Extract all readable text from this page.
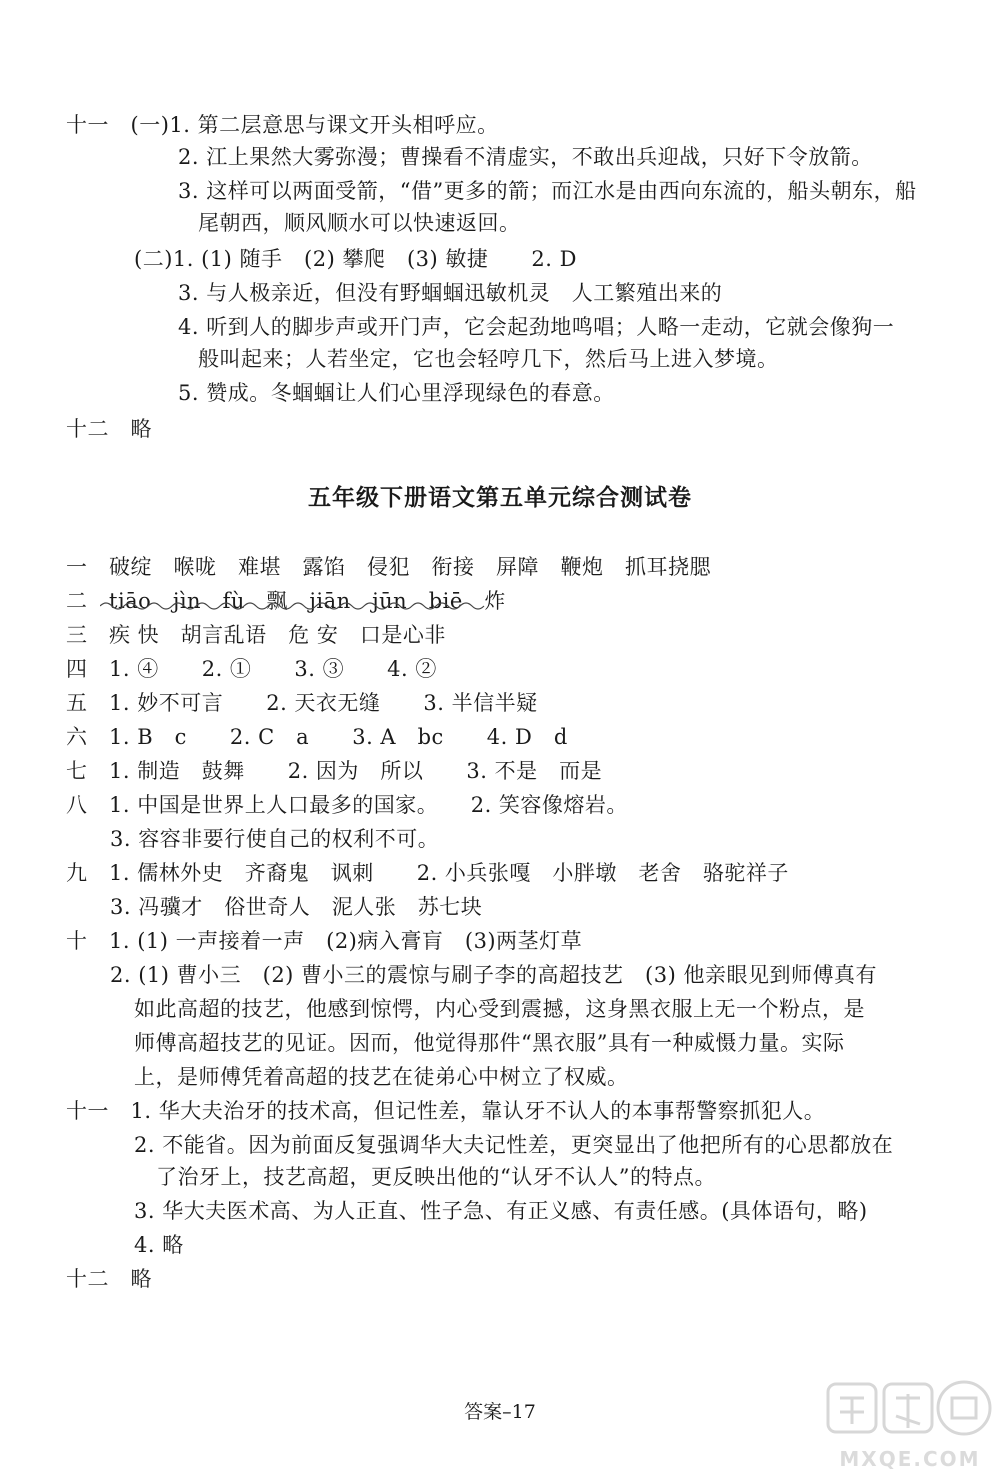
十一　(一)1. 第二层意思与课文开头相呼应。
2. 江上果然大雾弥漫；曹操看不清虚实，不敢出兵迎战，只好下令放箭。
3. 这样可以两面受箭，“借”更多的箭；而江水是由西向东流的，船头朝东，船
尾朝西，顺风顺水可以快速返回。
(二)1. (1) 随手　(2) 攀爬　(3) 敏捷　　2. D
3. 与人极亲近，但没有野蝈蝈迅敏机灵　人工繁殖出来的
4. 听到人的脚步声或开门声，它会起劲地鸣唱；人略一走动，它就会像狗一
般叫起来；人若坐定，它也会轻哼几下，然后马上进入梦境。
5. 赞成。冬蝈蝈让人们心里浮现绿色的春意。
十二　略
五年级下册语文第五单元综合测试卷
一　破绽　喉咙　难堪　露馅　侵犯　衔接　屏障　鞭炮　抓耳挠腮
二　tiāo　jìn　fù　飘　jiān　jūn　biē　炸
三　疾 快　胡言乱语　危 安　口是心非
四　1. ④　　2. ①　　3. ③　　4. ②
五　1. 妙不可言　　2. 天衣无缝　　3. 半信半疑
六　1. B　c　　2. C　a　　3. A　bc　　4. D　d
七　1. 制造　鼓舞　　2. 因为　所以　　3. 不是　而是
八　1. 中国是世界上人口最多的国家。　　2. 笑容像熔岩。
3. 容容非要行使自己的权利不可。
九　1. 儒林外史　齐裔鬼　讽刺　　2. 小兵张嘎　小胖墩　老舍　骆驼祥子
3. 冯骥才　俗世奇人　泥人张　苏七块
十　1. (1) 一声接着一声　(2)病入膏肓　(3)两茎灯草
2. (1) 曹小三　(2) 曹小三的震惊与刷子李的高超技艺　(3) 他亲眼见到师傅真有
如此高超的技艺，他感到惊愕，内心受到震撼，这身黑衣服上无一个粉点，是
师傅高超技艺的见证。因而，他觉得那件“黑衣服”具有一种威慑力量。实际
上，是师傅凭着高超的技艺在徒弟心中树立了权威。
十一　1. 华大夫治牙的技术高，但记性差，靠认牙不认人的本事帮警察抓犯人。
2. 不能省。因为前面反复强调华大夫记性差，更突显出了他把所有的心思都放在
了治牙上，技艺高超，更反映出他的“认牙不认人”的特点。
3. 华大夫医术高、为人正直、性子急、有正义感、有责任感。(具体语句，略)
4. 略
十二　略
答案–17
MXQE.COM
